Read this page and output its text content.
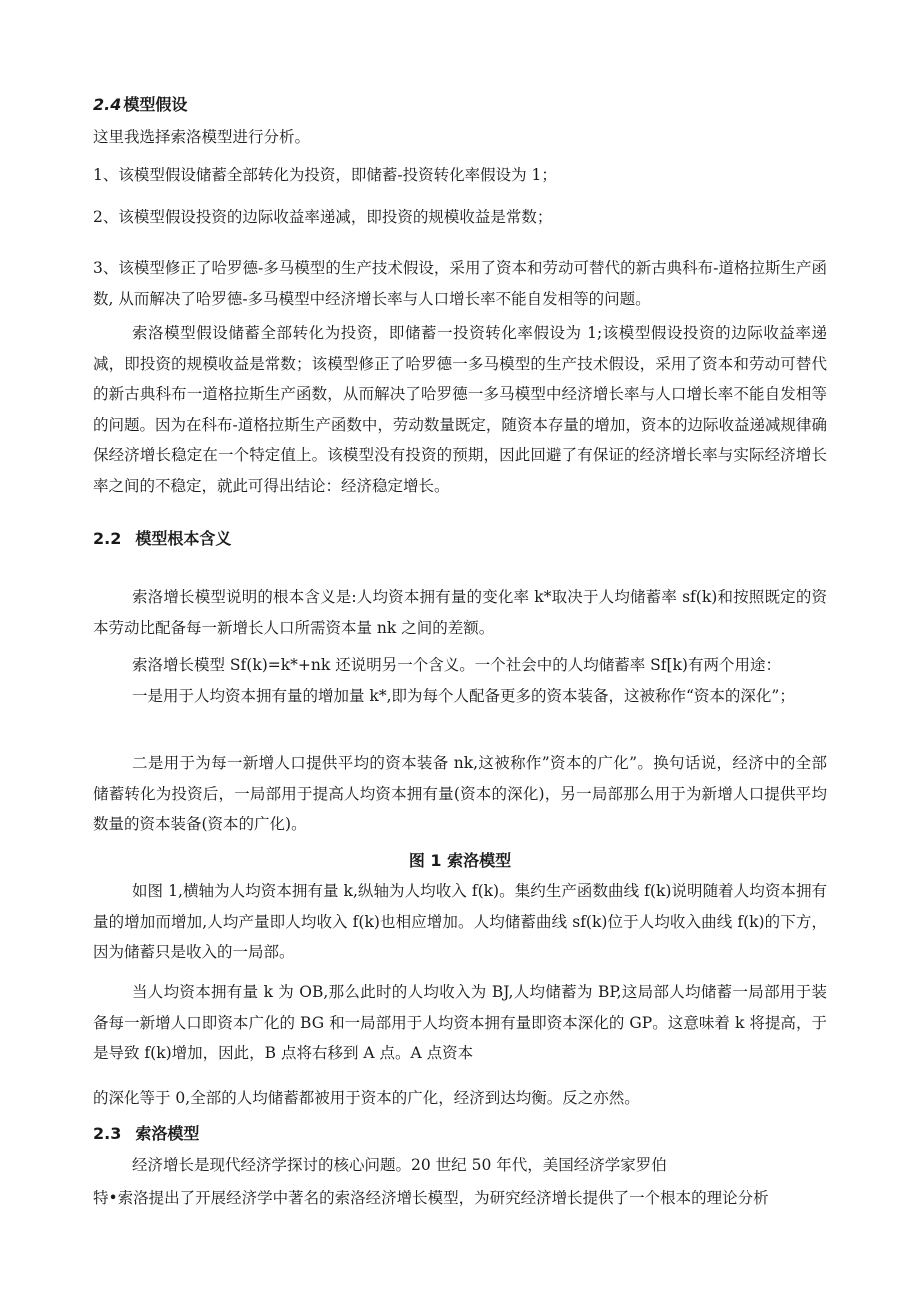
2.4 模型假设

这里我选择索洛模型进行分析。

1、该模型假设储蓄全部转化为投资，即储蓄-投资转化率假设为 1；

2、该模型假设投资的边际收益率递减，即投资的规模收益是常数；

3、该模型修正了哈罗德-多马模型的生产技术假设，采用了资本和劳动可替代的新古典科布-道格拉斯生产函数, 从而解决了哈罗德-多马模型中经济增长率与人口增长率不能自发相等的问题。

索洛模型假设储蓄全部转化为投资，即储蓄一投资转化率假设为 1;该模型假设投资的边际收益率递减，即投资的规模收益是常数；该模型修正了哈罗德一多马模型的生产技术假设，采用了资本和劳动可替代的新古典科布一道格拉斯生产函数，从而解决了哈罗德一多马模型中经济增长率与人口增长率不能自发相等的问题。因为在科布-道格拉斯生产函数中，劳动数量既定，随资本存量的增加，资本的边际收益递减规律确保经济增长稳定在一个特定值上。该模型没有投资的预期，因此回避了有保证的经济增长率与实际经济增长率之间的不稳定，就此可得出结论：经济稳定增长。

2.2 模型根本含义

索洛增长模型说明的根本含义是:人均资本拥有量的变化率 k*取决于人均储蓄率 sf(k)和按照既定的资本劳动比配备每一新增长人口所需资本量 nk 之间的差额。

索洛增长模型 Sf(k)=k*+nk 还说明另一个含义。一个社会中的人均储蓄率 Sf[k)有两个用途：

一是用于人均资本拥有量的增加量 k*,即为每个人配备更多的资本装备，这被称作“资本的深化”；

二是用于为每一新增人口提供平均的资本装备 nk,这被称作”资本的广化”。换句话说，经济中的全部储蓄转化为投资后，一局部用于提高人均资本拥有量(资本的深化)，另一局部那么用于为新增人口提供平均数量的资本装备(资本的广化)。

图 1 索洛模型

如图 1,横轴为人均资本拥有量 k,纵轴为人均收入 f(k)。集约生产函数曲线 f(k)说明随着人均资本拥有量的增加而增加,人均产量即人均收入 f(k)也相应增加。人均储蓄曲线 sf(k)位于人均收入曲线 f(k)的下方，因为储蓄只是收入的一局部。

当人均资本拥有量 k 为 OB,那么此时的人均收入为 BJ,人均储蓄为 BP,这局部人均储蓄一局部用于装备每一新增人口即资本广化的 BG 和一局部用于人均资本拥有量即资本深化的 GP。这意味着 k 将提高，于是导致 f(k)增加，因此，B 点将右移到 A 点。A 点资本

的深化等于 0,全部的人均储蓄都被用于资本的广化，经济到达均衡。反之亦然。

2.3 索洛模型

经济增长是现代经济学探讨的核心问题。20 世纪 50 年代，美国经济学家罗伯

特•索洛提出了开展经济学中著名的索洛经济增长模型，为研究经济增长提供了一个根本的理论分析
